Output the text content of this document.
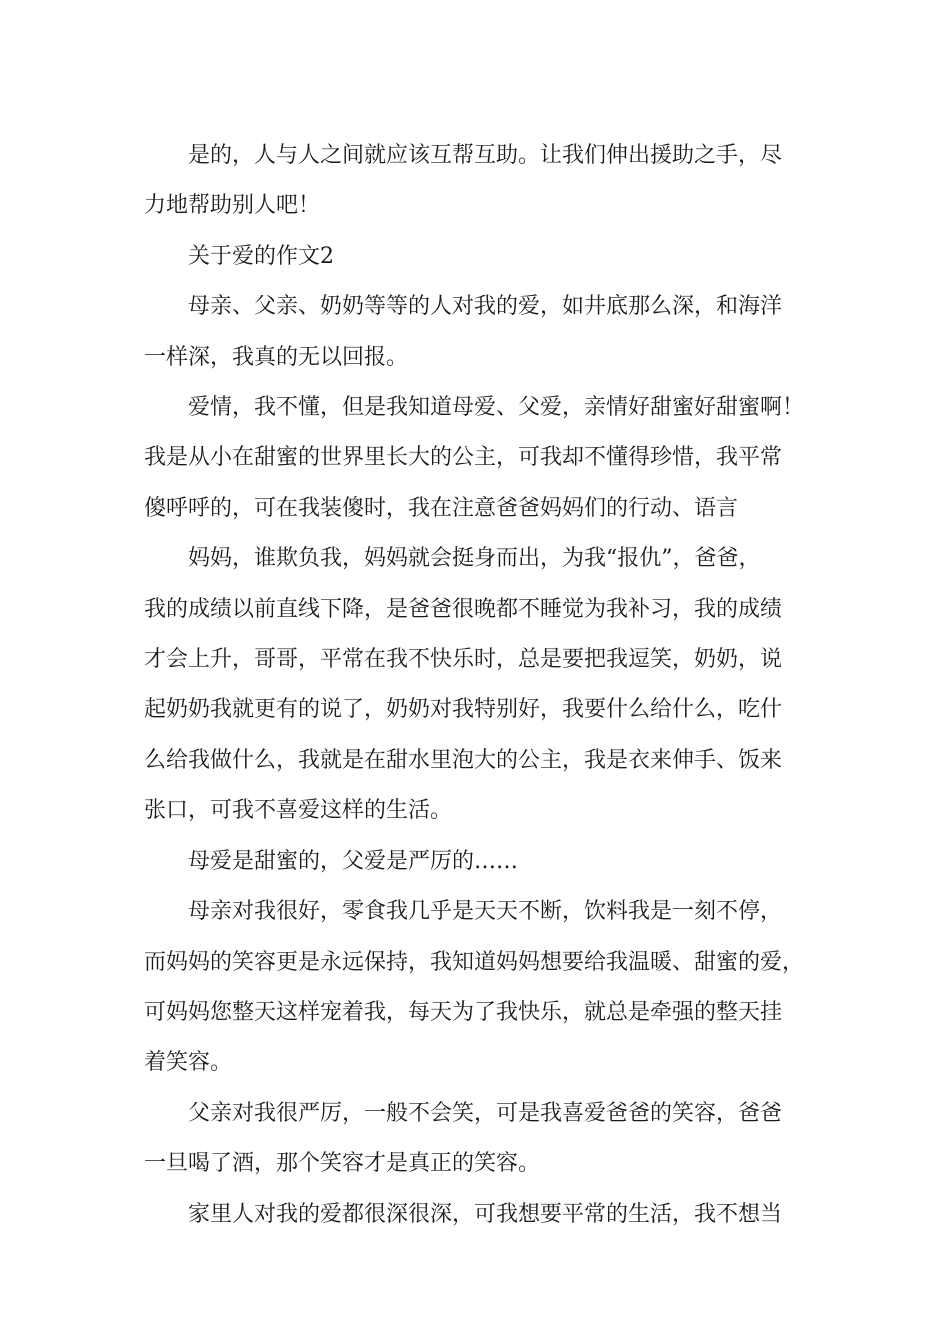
是的，人与人之间就应该互帮互助。让我们伸出援助之手，尽
力地帮助别人吧！

关于爱的作文2

母亲、父亲、奶奶等等的人对我的爱，如井底那么深，和海洋
一样深，我真的无以回报。

爱情，我不懂，但是我知道母爱、父爱，亲情好甜蜜好甜蜜啊！
我是从小在甜蜜的世界里长大的公主，可我却不懂得珍惜，我平常
傻呼呼的，可在我装傻时，我在注意爸爸妈妈们的行动、语言

妈妈，谁欺负我，妈妈就会挺身而出，为我“报仇”，爸爸，
我的成绩以前直线下降，是爸爸很晚都不睡觉为我补习，我的成绩
才会上升，哥哥，平常在我不快乐时，总是要把我逗笑，奶奶，说
起奶奶我就更有的说了，奶奶对我特别好，我要什么给什么，吃什
么给我做什么，我就是在甜水里泡大的公主，我是衣来伸手、饭来
张口，可我不喜爱这样的生活。

母爱是甜蜜的，父爱是严厉的……

母亲对我很好，零食我几乎是天天不断，饮料我是一刻不停，
而妈妈的笑容更是永远保持，我知道妈妈想要给我温暖、甜蜜的爱，
可妈妈您整天这样宠着我，每天为了我快乐，就总是牵强的整天挂
着笑容。

父亲对我很严厉，一般不会笑，可是我喜爱爸爸的笑容，爸爸
一旦喝了酒，那个笑容才是真正的笑容。

家里人对我的爱都很深很深，可我想要平常的生活，我不想当
